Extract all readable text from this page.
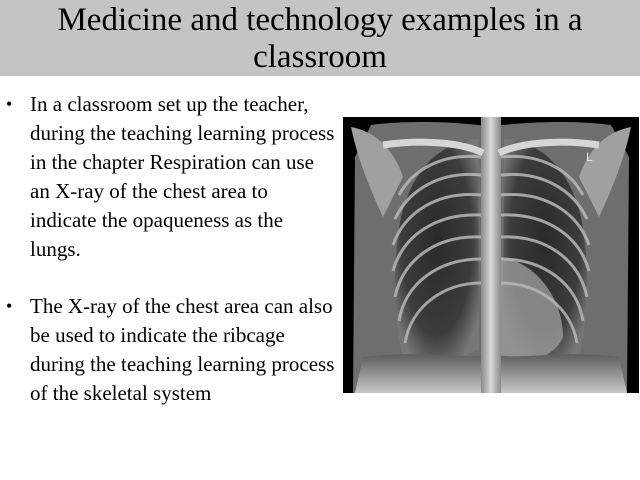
Medicine and technology examples in a
classroom
• In a classroom set up the teacher, during the teaching learning process in the chapter Respiration can use an X-ray of the chest area to indicate the opaqueness as the lungs.
• The X-ray of the chest area can also be used to indicate the ribcage during the teaching learning process of the skeletal system
L
